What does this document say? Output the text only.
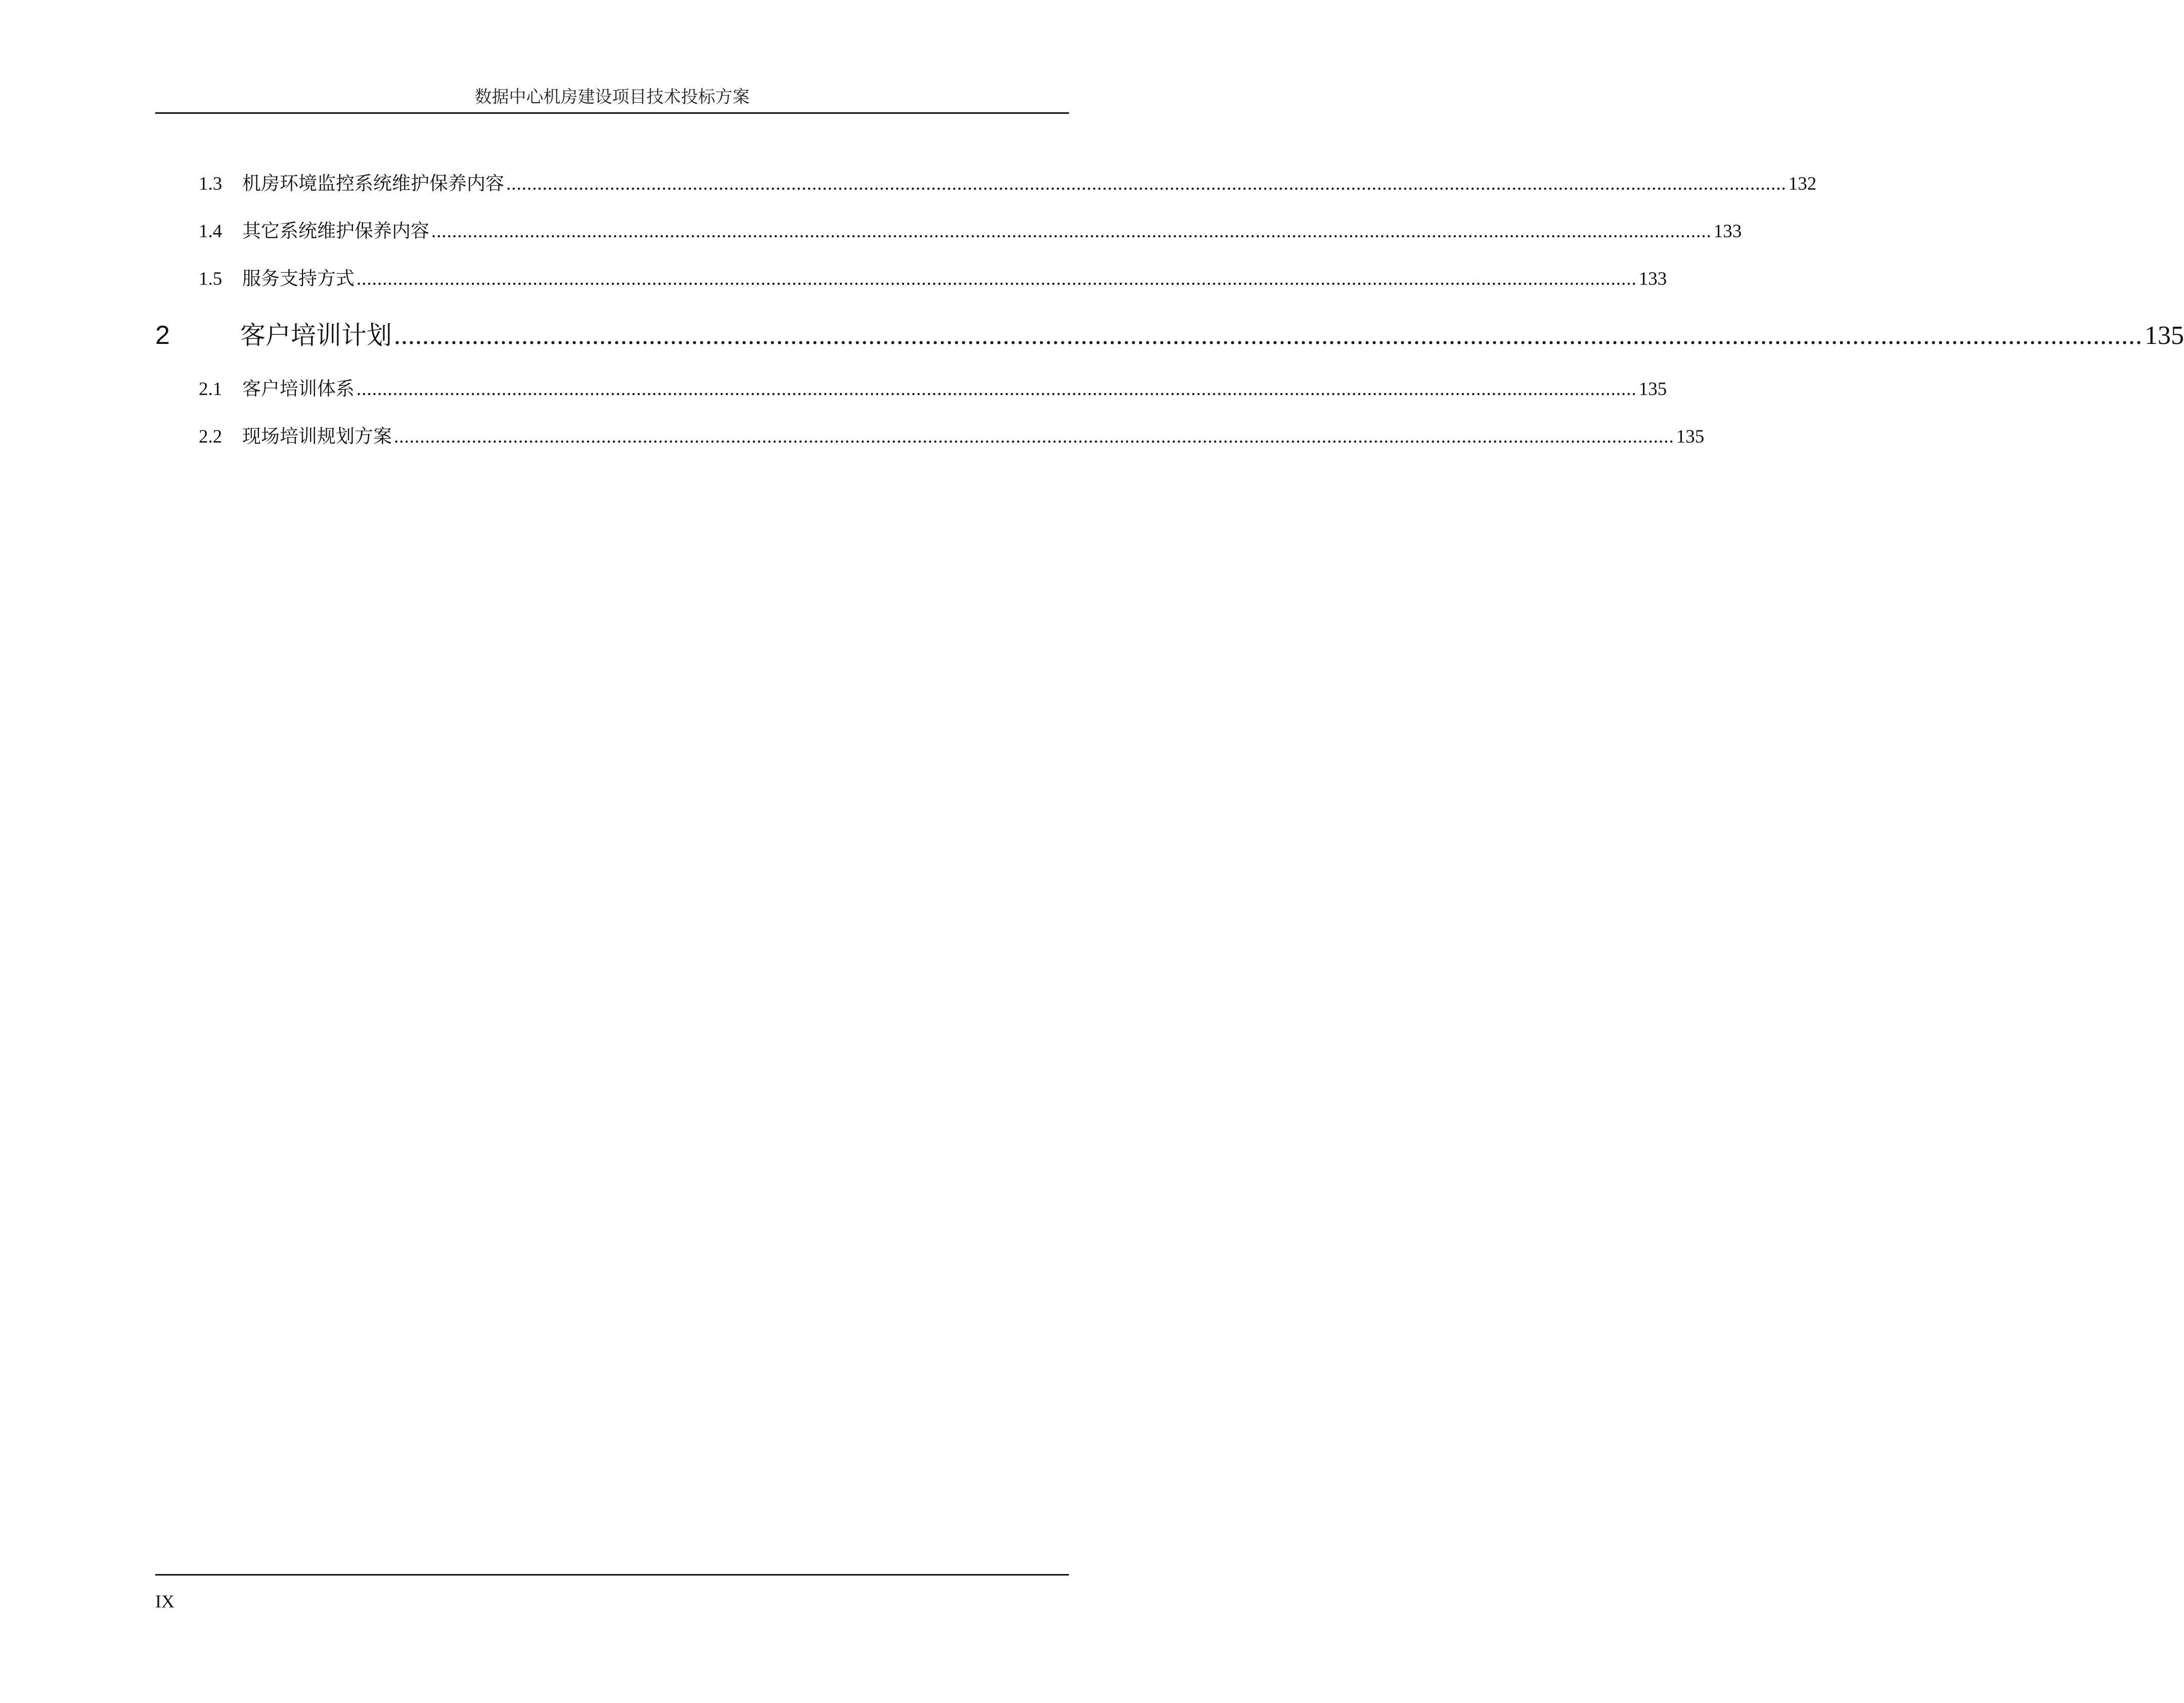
数据中心机房建设项目技术投标方案
1.3	机房环境监控系统维护保养内容 ....................................................................................................................................................................................................................................................... 132
1.4	其它系统维护保养内容 ....................................................................................................................................................................................................................................................... 133
1.5	服务支持方式 ....................................................................................................................................................................................................................................................... 133
2	客户培训计划 ....................................................................................................................................................................................................................................................... 135
2.1	客户培训体系 ....................................................................................................................................................................................................................................................... 135
2.2	现场培训规划方案 ....................................................................................................................................................................................................................................................... 135
IX
